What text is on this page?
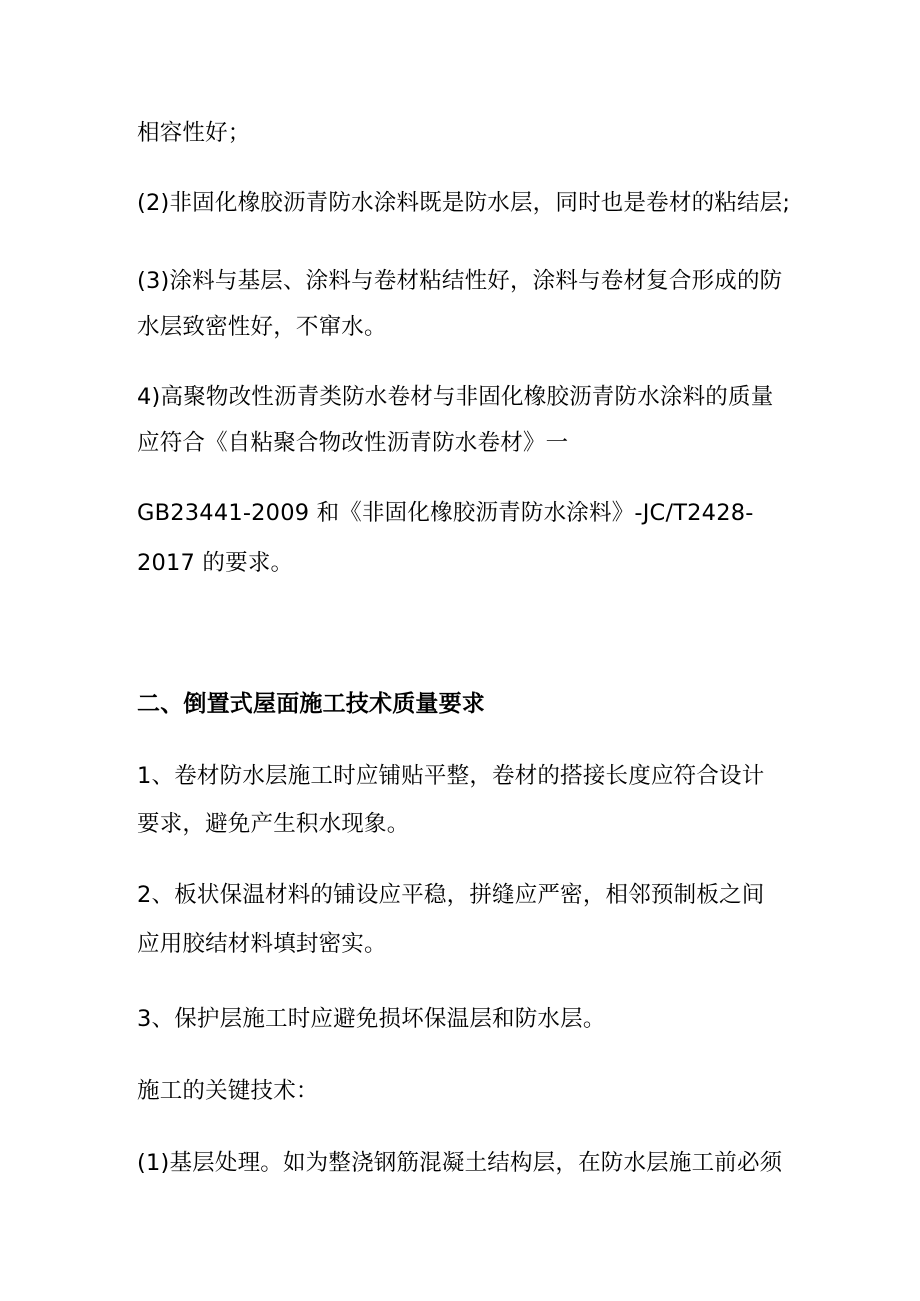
相容性好；
(2)非固化橡胶沥青防水涂料既是防水层，同时也是卷材的粘结层;
(3)涂料与基层、涂料与卷材粘结性好，涂料与卷材复合形成的防
水层致密性好，不窜水。
4)高聚物改性沥青类防水卷材与非固化橡胶沥青防水涂料的质量
应符合《自粘聚合物改性沥青防水卷材》一
GB23441-2009 和《非固化橡胶沥青防水涂料》-JC/T2428-
2017 的要求。
二、倒置式屋面施工技术质量要求
1、卷材防水层施工时应铺贴平整，卷材的搭接长度应符合设计
要求，避免产生积水现象。
2、板状保温材料的铺设应平稳，拼缝应严密，相邻预制板之间
应用胶结材料填封密实。
3、保护层施工时应避免损坏保温层和防水层。
施工的关键技术：
(1)基层处理。如为整浇钢筋混凝土结构层，在防水层施工前必须
